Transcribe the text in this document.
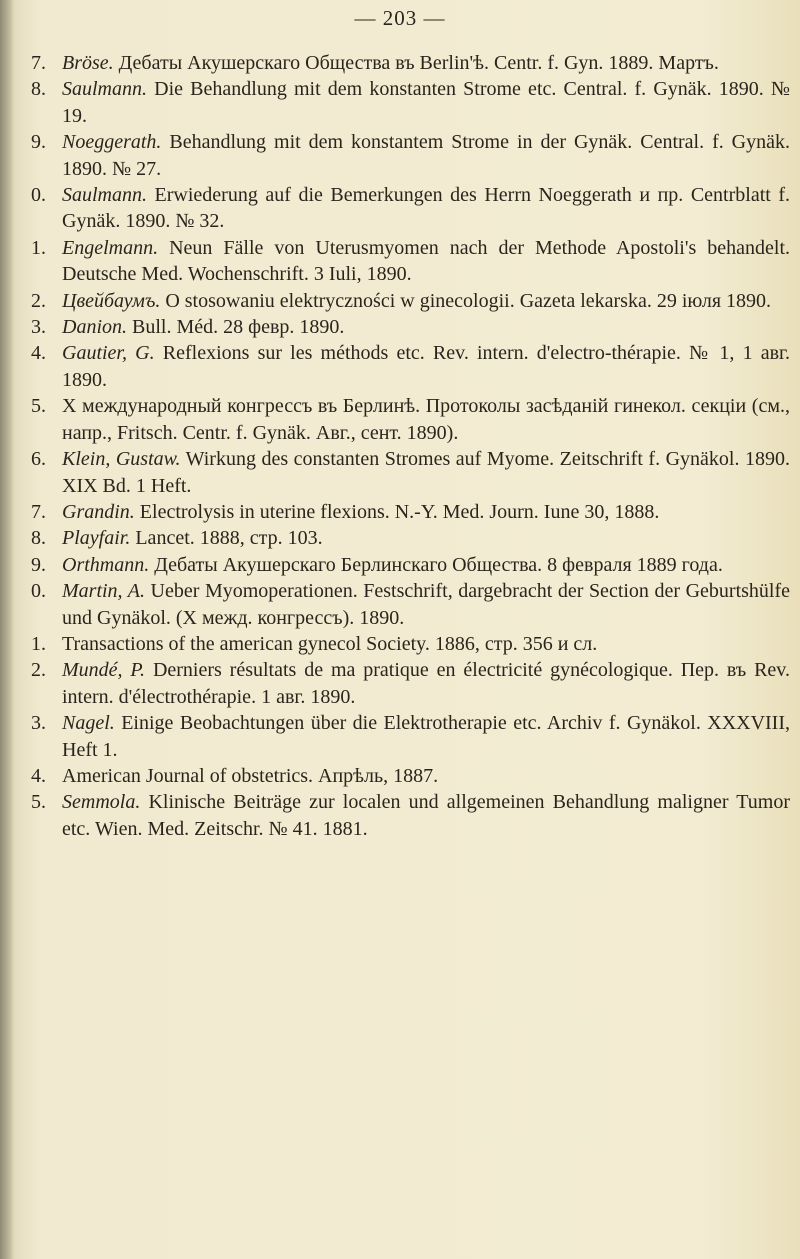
— 203 —
7. Bröse. Дебаты Акушерскаго Общества въ Berlin'ѣ. Centr. f. Gyn. 1889. Мартъ.
8. Saulmann. Die Behandlung mit dem konstanten Strome etc. Central. f. Gynäk. 1890. № 19.
9. Noeggerath. Behandlung mit dem konstantem Strome in der Gynäk. Central. f. Gynäk. 1890. № 27.
0. Saulmann. Erwiederung auf die Bemerkungen des Herrn Noeggerath и пр. Centrblatt f. Gynäk. 1890. № 32.
1. Engelmann. Neun Fälle von Uterusmyomen nach der Methode Apostoli's behandelt. Deutsche Med. Wochenschrift. 3 Iuli, 1890.
2. Цвейбаумъ. O stosowaniu elektryczności w ginecologii. Gazeta lekarska. 29 іюля 1890.
3. Danion. Bull. Méd. 28 февр. 1890.
4. Gautier, G. Reflexions sur les méthods etc. Rev. intern. d'electro-thérapie. № 1, 1 авг. 1890.
5. X международный конгрессъ въ Берлинѣ. Протоколы засѣданій гинекол. секціи (см., напр., Fritsch. Centr. f. Gynäk. Авг., сент. 1890).
6. Klein, Gustaw. Wirkung des constanten Stromes auf Myome. Zeitschrift f. Gynäkol. 1890. XIX Bd. 1 Heft.
7. Grandin. Electrolysis in uterine flexions. N.-Y. Med. Journ. Iune 30, 1888.
8. Playfair. Lancet. 1888, стр. 103.
9. Orthmann. Дебаты Акушерскаго Берлинскаго Общества. 8 февраля 1889 года.
0. Martin, A. Ueber Myomoperationen. Festschrift, dargebracht der Section der Geburtshülfe und Gynäkol. (X межд. конгрессъ). 1890.
1. Transactions of the american gynecol Society. 1886, стр. 356 и сл.
2. Mundé, P. Derniers résultats de ma pratique en électricité gynécologique. Пер. въ Rev. intern. d'électrothérapie. 1 авг. 1890.
3. Nagel. Einige Beobachtungen über die Elektrotherapie etc. Archiv f. Gynäkol. XXXVIII, Heft 1.
4. American Journal of obstetrics. Апрѣль, 1887.
5. Semmola. Klinische Beiträge zur localen und allgemeinen Behandlung maligner Tumor etc. Wien. Med. Zeitschr. № 41. 1881.
